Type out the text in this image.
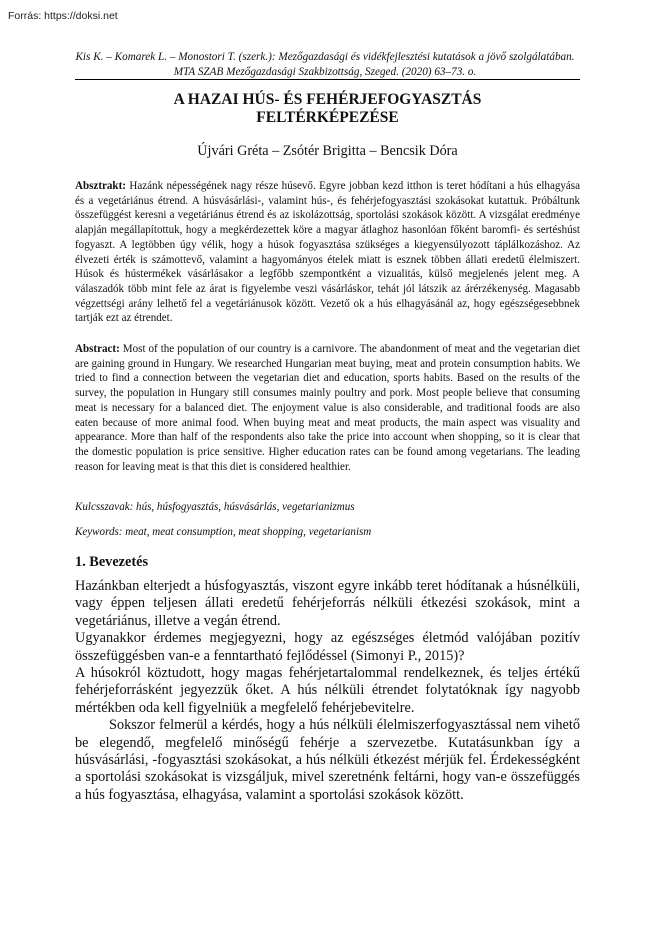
Forrás: https://doksi.net
Kis K. – Komarek L. – Monostori T. (szerk.): Mezőgazdasági és vidékfejlesztési kutatások a jövő szolgálatában. MTA SZAB Mezőgazdasági Szakbizottság, Szeged. (2020) 63–73. o.
A HAZAI HÚS- ÉS FEHÉRJEFOGYASZTÁS
FELTÉRKÉPEZÉSE
Újvári Gréta – Zsótér Brigitta – Bencsik Dóra
Absztrakt: Hazánk népességének nagy része húsevő. Egyre jobban kezd itthon is teret hódítani a hús elhagyása és a vegetáriánus étrend. A húsvásárlási-, valamint hús-, és fehérjefogyasztási szokásokat kutattuk. Próbáltunk összefüggést keresni a vegetáriánus étrend és az iskolázottság, sportolási szokások között. A vizsgálat eredménye alapján megállapítottuk, hogy a megkérdezettek köre a magyar átlaghoz hasonlóan főként baromfi- és sertéshúst fogyaszt. A legtöbben úgy vélik, hogy a húsok fogyasztása szükséges a kiegyensúlyozott táplálkozáshoz. Az élvezeti érték is számottevő, valamint a hagyományos ételek miatt is esznek többen állati eredetű élelmiszert. Húsok és hústermékek vásárlásakor a legfőbb szempontként a vizualitás, külső megjelenés jelent meg. A válaszadók több mint fele az árat is figyelembe veszi vásárláskor, tehát jól látszik az árérzékenység. Magasabb végzettségi arány lelhető fel a vegetáriánusok között. Vezető ok a hús elhagyásánál az, hogy egészségesebbnek tartják ezt az étrendet.
Abstract: Most of the population of our country is a carnivore. The abandonment of meat and the vegetarian diet are gaining ground in Hungary. We researched Hungarian meat buying, meat and protein consumption habits. We tried to find a connection between the vegetarian diet and education, sports habits. Based on the results of the survey, the population in Hungary still consumes mainly poultry and pork. Most people believe that consuming meat is necessary for a balanced diet. The enjoyment value is also considerable, and traditional foods are also eaten because of more animal food. When buying meat and meat products, the main aspect was visuality and appearance. More than half of the respondents also take the price into account when shopping, so it is clear that the domestic population is price sensitive. Higher education rates can be found among vegetarians. The leading reason for leaving meat is that this diet is considered healthier.
Kulcsszavak: hús, húsfogyasztás, húsvásárlás, vegetarianizmus
Keywords: meat, meat consumption, meat shopping, vegetarianism
1. Bevezetés

Hazánkban elterjedt a húsfogyasztás, viszont egyre inkább teret hódítanak a húsnélküli, vagy éppen teljesen állati eredetű fehérjeforrás nélküli étkezési szokások, mint a vegetáriánus, illetve a vegán étrend.

Ugyanakkor érdemes megjegyezni, hogy az egészséges életmód valójában pozitív összefüggésben van-e a fenntartható fejlődéssel (Simonyi P., 2015)?

A húsokról köztudott, hogy magas fehérjetartalommal rendelkeznek, és teljes értékű fehérjeforrásként jegyezzük őket. A hús nélküli étrendet folytatóknak így nagyobb mértékben oda kell figyelniük a megfelelő fehérjebevitelre.

Sokszor felmerül a kérdés, hogy a hús nélküli élelmiszerfogyasztással nem vihető be elegendő, megfelelő minőségű fehérje a szervezetbe. Kutatásunkban így a húsvásárlási, -fogyasztási szokásokat, a hús nélküli étkezést mérjük fel. Érdekességként a sportolási szokásokat is vizsgáljuk, mivel szeretnénk feltárni, hogy van-e összefüggés a hús fogyasztása, elhagyása, valamint a sportolási szokások között.
